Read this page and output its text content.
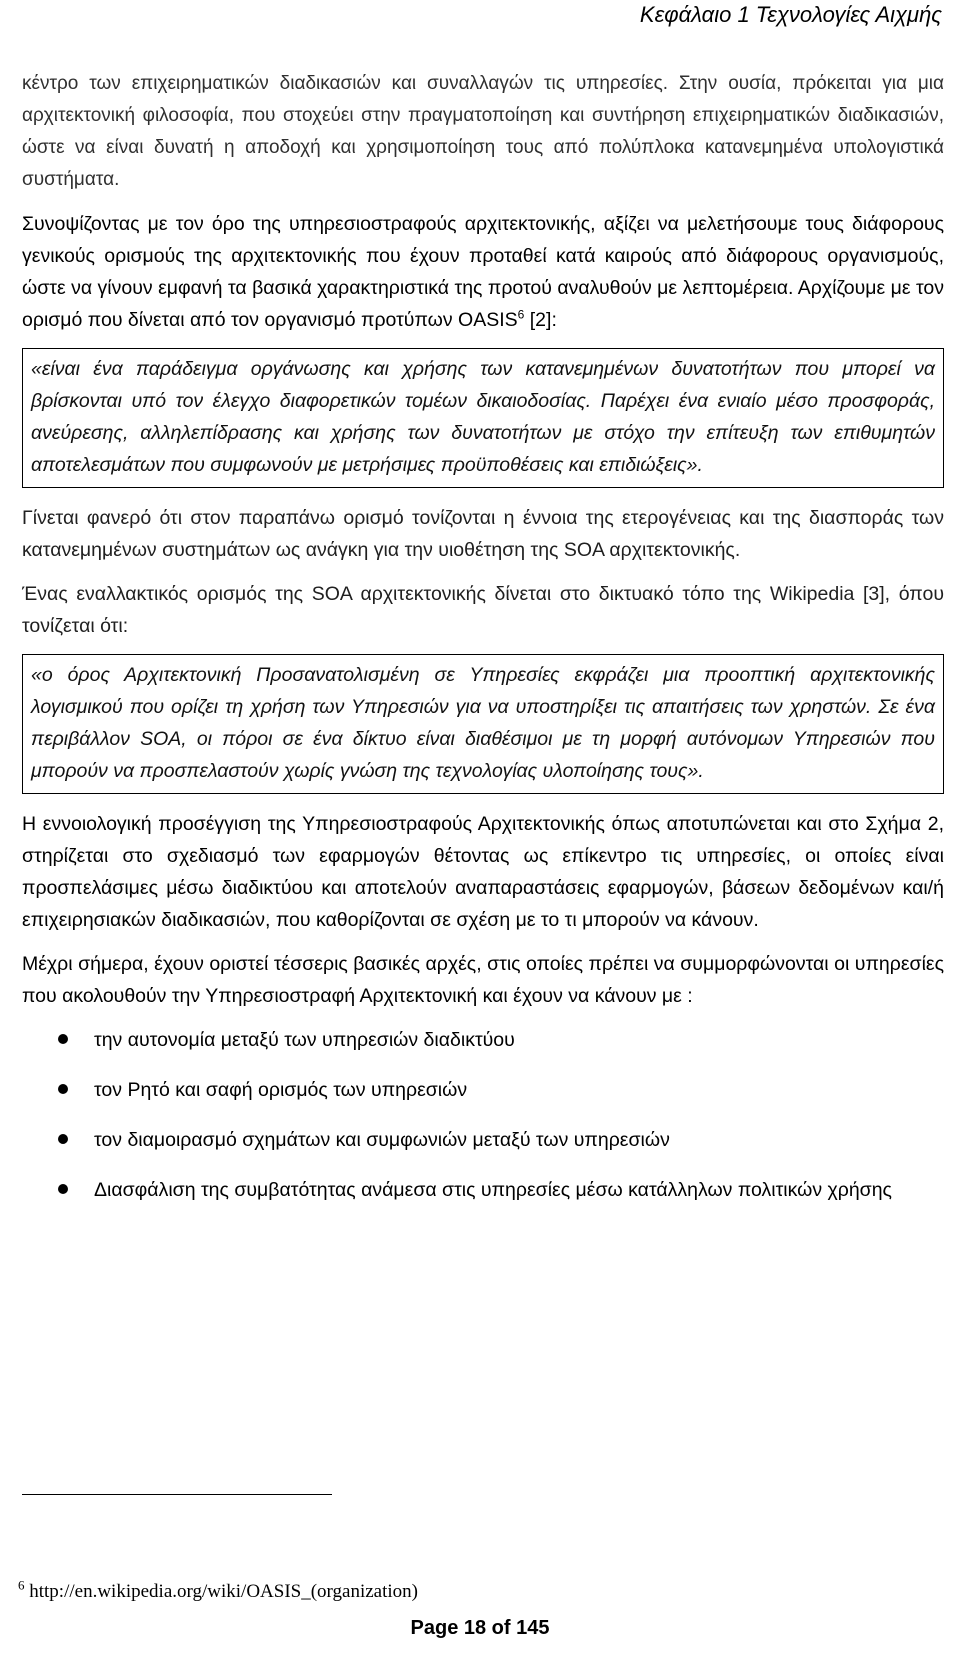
Κεφάλαιο 1 Τεχνολογίες Αιχμής

κέντρο των επιχειρηματικών διαδικασιών και συναλλαγών τις υπηρεσίες. Στην ουσία, πρόκειται για μια αρχιτεκτονική φιλοσοφία, που στοχεύει στην πραγματοποίηση και συντήρηση επιχειρηματικών διαδικασιών, ώστε να είναι δυνατή η αποδοχή και χρησιμοποίηση τους από πολύπλοκα κατανεμημένα υπολογιστικά συστήματα.

Συνοψίζοντας με τον όρο της υπηρεσιοστραφούς αρχιτεκτονικής, αξίζει να μελετήσουμε τους διάφορους γενικούς ορισμούς της αρχιτεκτονικής που έχουν προταθεί κατά καιρούς από διάφορους οργανισμούς, ώστε να γίνουν εμφανή τα βασικά χαρακτηριστικά της προτού αναλυθούν με λεπτομέρεια. Αρχίζουμε με τον ορισμό που δίνεται από τον οργανισμό προτύπων OASIS$^6$ [2]:

«είναι ένα παράδειγμα οργάνωσης και χρήσης των κατανεμημένων δυνατοτήτων που μπορεί να βρίσκονται υπό τον έλεγχο διαφορετικών τομέων δικαιοδοσίας. Παρέχει ένα ενιαίο μέσο προσφοράς, ανεύρεσης, αλληλεπίδρασης και χρήσης των δυνατοτήτων με στόχο την επίτευξη των επιθυμητών αποτελεσμάτων που συμφωνούν με μετρήσιμες προϋποθέσεις και επιδιώξεις».

Γίνεται φανερό ότι στον παραπάνω ορισμό τονίζονται η έννοια της ετερογένειας και της διασποράς των κατανεμημένων συστημάτων ως ανάγκη για την υιοθέτηση της SOA αρχιτεκτονικής.

Ένας εναλλακτικός ορισμός της SOA αρχιτεκτονικής δίνεται στο δικτυακό τόπο της Wikipedia [3], όπου τονίζεται ότι:

«ο όρος Αρχιτεκτονική Προσανατολισμένη σε Υπηρεσίες εκφράζει μια προοπτική αρχιτεκτονικής λογισμικού που ορίζει τη χρήση των Υπηρεσιών για να υποστηρίξει τις απαιτήσεις των χρηστών. Σε ένα περιβάλλον SOA, οι πόροι σε ένα δίκτυο είναι διαθέσιμοι με τη μορφή αυτόνομων Υπηρεσιών που μπορούν να προσπελαστούν χωρίς γνώση της τεχνολογίας υλοποίησης τους».

Η εννοιολογική προσέγγιση της Υπηρεσιοστραφούς Αρχιτεκτονικής όπως αποτυπώνεται και στο Σχήμα 2, στηρίζεται στο σχεδιασμό των εφαρμογών θέτοντας ως επίκεντρο τις υπηρεσίες, οι οποίες είναι προσπελάσιμες μέσω διαδικτύου και αποτελούν αναπαραστάσεις εφαρμογών, βάσεων δεδομένων και/ή επιχειρησιακών διαδικασιών, που καθορίζονται σε σχέση με το τι μπορούν να κάνουν.

Μέχρι σήμερα, έχουν οριστεί τέσσερις βασικές αρχές, στις οποίες πρέπει να συμμορφώνονται οι υπηρεσίες που ακολουθούν την Υπηρεσιοστραφή Αρχιτεκτονική και έχουν να κάνουν με :

την αυτονομία μεταξύ των υπηρεσιών διαδικτύου
τον Ρητό και σαφή ορισμός των υπηρεσιών
τον διαμοιρασμό σχημάτων και συμφωνιών μεταξύ των υπηρεσιών
Διασφάλιση της συμβατότητας ανάμεσα στις υπηρεσίες μέσω κατάλληλων πολιτικών χρήσης
$^6$ http://en.wikipedia.org/wiki/OASIS_(organization)
Page 18 of 145
